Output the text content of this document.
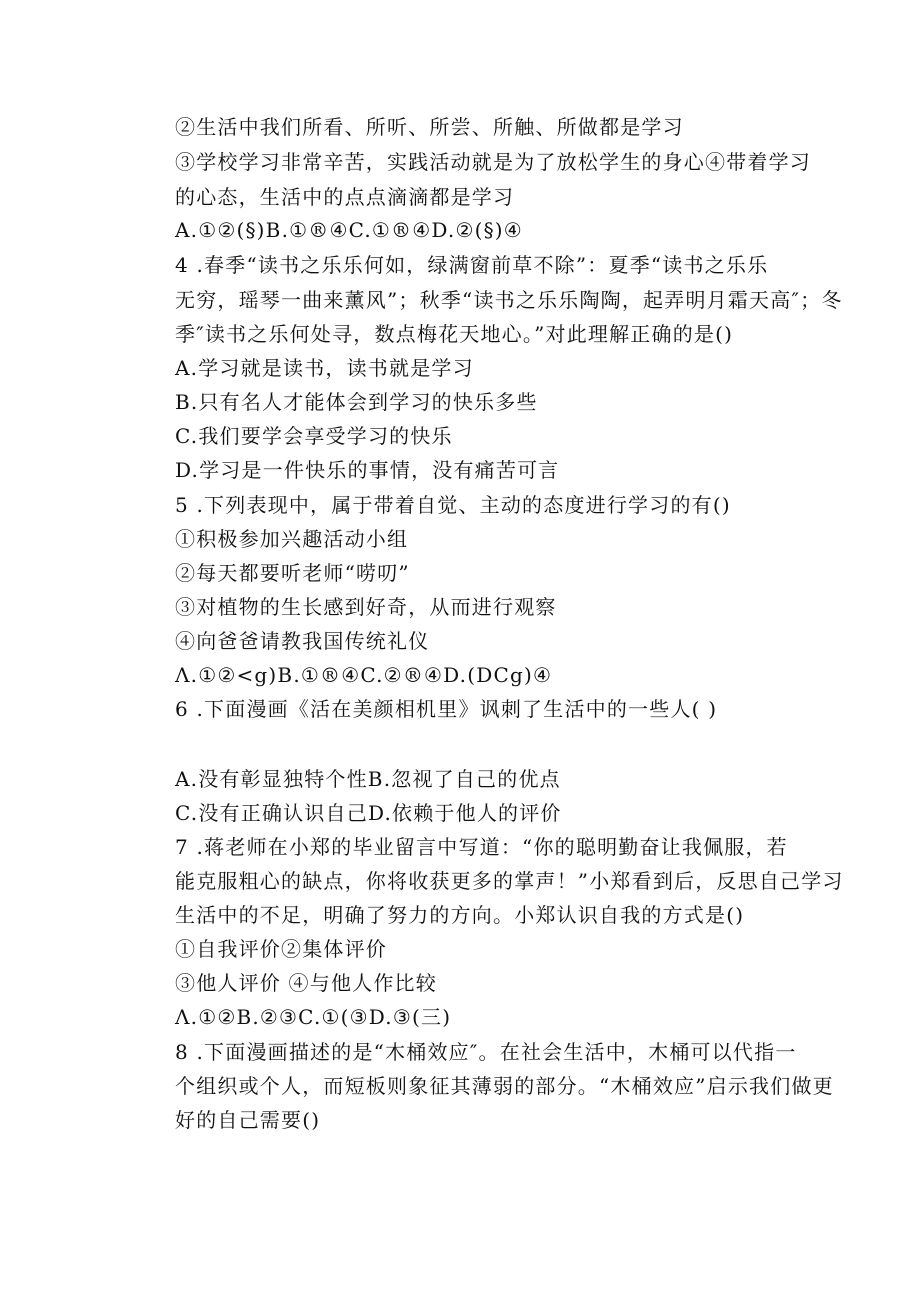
②生活中我们所看、所听、所尝、所触、所做都是学习
③学校学习非常辛苦，实践活动就是为了放松学生的身心④带着学习
的心态，生活中的点点滴滴都是学习
A.①②(§)B.①®④C.①®④D.②(§)④
4 .春季“读书之乐乐何如，绿满窗前草不除”：夏季“读书之乐乐
无穷，瑶琴一曲来薰风”；秋季“读书之乐乐陶陶，起弄明月霜天高″；冬
季″读书之乐何处寻，数点梅花天地心。”对此理解正确的是()
A.学习就是读书，读书就是学习
B.只有名人才能体会到学习的快乐多些
C.我们要学会享受学习的快乐
D.学习是一件快乐的事情，没有痛苦可言
5 .下列表现中，属于带着自觉、主动的态度进行学习的有()
①积极参加兴趣活动小组
②每天都要听老师“唠叨”
③对植物的生长感到好奇，从而进行观察
④向爸爸请教我国传统礼仪
Λ.①②<g)B.①®④C.②®④D.(DCg)④
6 .下面漫画《活在美颜相机里》讽刺了生活中的一些人( )
A.没有彰显独特个性B.忽视了自己的优点
C.没有正确认识自己D.依赖于他人的评价
7 .蒋老师在小郑的毕业留言中写道：“你的聪明勤奋让我佩服，若
能克服粗心的缺点，你将收获更多的掌声！”小郑看到后，反思自己学习
生活中的不足，明确了努力的方向。小郑认识自我的方式是()
①自我评价②集体评价
③他人评价 ④与他人作比较
Λ.①②B.②③C.①(③D.③(三)
8 .下面漫画描述的是“木桶效应″。在社会生活中，木桶可以代指一
个组织或个人，而短板则象征其薄弱的部分。“木桶效应”启示我们做更
好的自己需要()
